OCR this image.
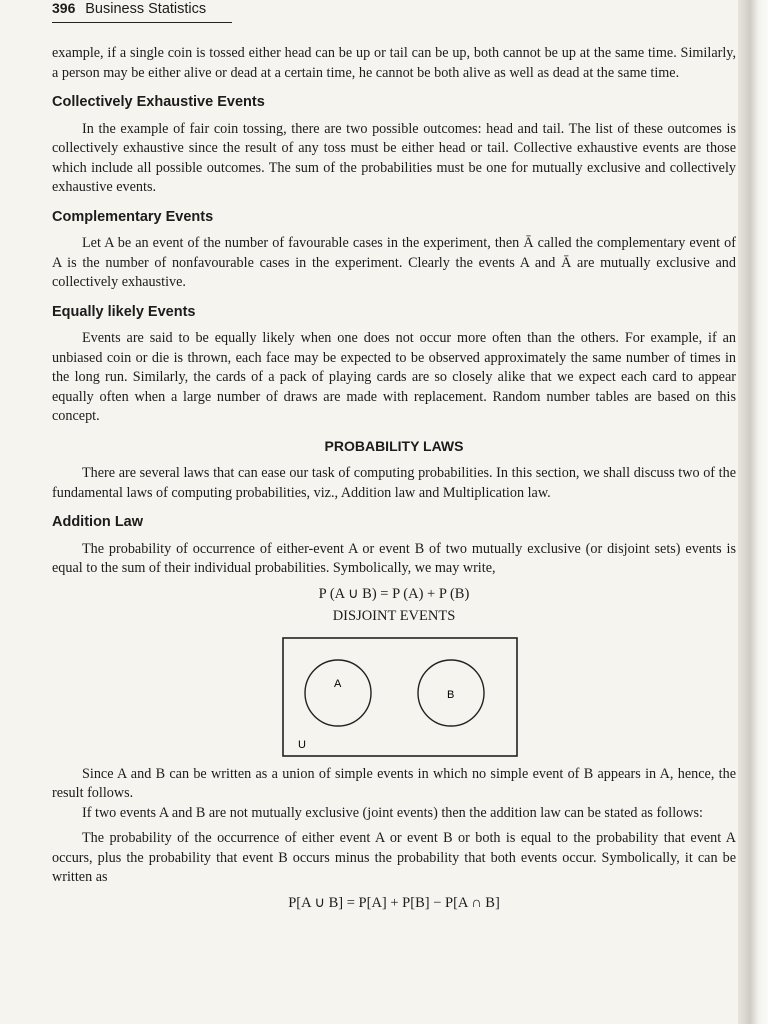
396 Business Statistics

example, if a single coin is tossed either head can be up or tail can be up, both cannot be up at the same time. Similarly, a person may be either alive or dead at a certain time, he cannot be both alive as well as dead at the same time.

Collectively Exhaustive Events

In the example of fair coin tossing, there are two possible outcomes: head and tail. The list of these outcomes is collectively exhaustive since the result of any toss must be either head or tail. Collective exhaustive events are those which include all possible outcomes. The sum of the probabilities must be one for mutually exclusive and collectively exhaustive events.

Complementary Events

Let A be an event of the number of favourable cases in the experiment, then Ā called the complementary event of A is the number of nonfavourable cases in the experiment. Clearly the events A and Ā are mutually exclusive and collectively exhaustive.

Equally likely Events

Events are said to be equally likely when one does not occur more often than the others. For example, if an unbiased coin or die is thrown, each face may be expected to be observed approximately the same number of times in the long run. Similarly, the cards of a pack of playing cards are so closely alike that we expect each card to appear equally often when a large number of draws are made with replacement. Random number tables are based on this concept.

PROBABILITY LAWS

There are several laws that can ease our task of computing probabilities. In this section, we shall discuss two of the fundamental laws of computing probabilities, viz., Addition law and Multiplication law.

Addition Law

The probability of occurrence of either-event A or event B of two mutually exclusive (or disjoint sets) events is equal to the sum of their individual probabilities. Symbolically, we may write,

P (A ∪ B) = P (A) + P (B)
DISJOINT EVENTS
A
B
U

Since A and B can be written as a union of simple events in which no simple event of B appears in A, hence, the result follows.

If two events A and B are not mutually exclusive (joint events) then the addition law can be stated as follows:

The probability of the occurrence of either event A or event B or both is equal to the probability that event A occurs, plus the probability that event B occurs minus the probability that both events occur. Symbolically, it can be written as

P[A ∪ B] = P[A] + P[B] − P[A ∩ B]
